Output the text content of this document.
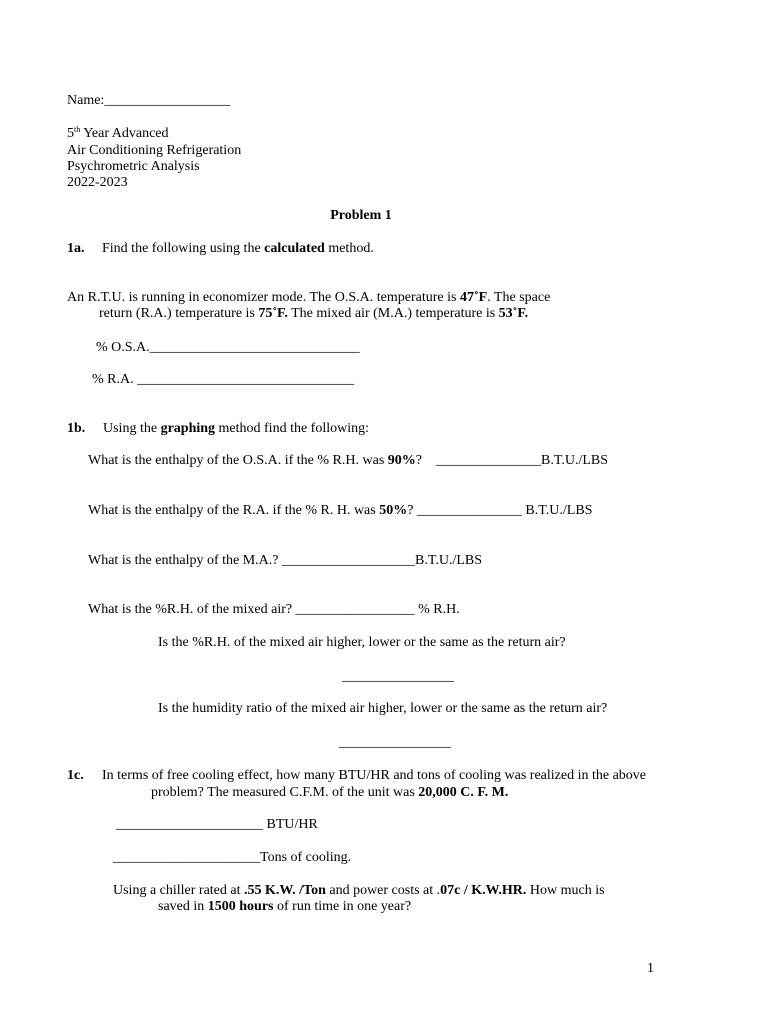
Name:__________________
5th Year Advanced
Air Conditioning Refrigeration
Psychrometric Analysis
2022-2023
Problem 1
1a. Find the following using the calculated method.
An R.T.U. is running in economizer mode. The O.S.A. temperature is 47˚F. The space
return (R.A.) temperature is 75˚F. The mixed air (M.A.) temperature is 53˚F.
% O.S.A.______________________________
% R.A. _______________________________
1b. Using the graphing method find the following:
What is the enthalpy of the O.S.A. if the % R.H. was 90%?    _______________B.T.U./LBS
What is the enthalpy of the R.A. if the % R. H. was 50%? _______________ B.T.U./LBS
What is the enthalpy of the M.A.? ___________________B.T.U./LBS
What is the %R.H. of the mixed air? _________________ % R.H.
Is the %R.H. of the mixed air higher, lower or the same as the return air?
________________
Is the humidity ratio of the mixed air higher, lower or the same as the return air?
________________
1c. In terms of free cooling effect, how many BTU/HR and tons of cooling was realized in the above
problem? The measured C.F.M. of the unit was 20,000 C. F. M.
_____________________ BTU/HR
_____________________Tons of cooling.
Using a chiller rated at .55 K.W. /Ton and power costs at .07c / K.W.HR. How much is
saved in 1500 hours of run time in one year?
1
